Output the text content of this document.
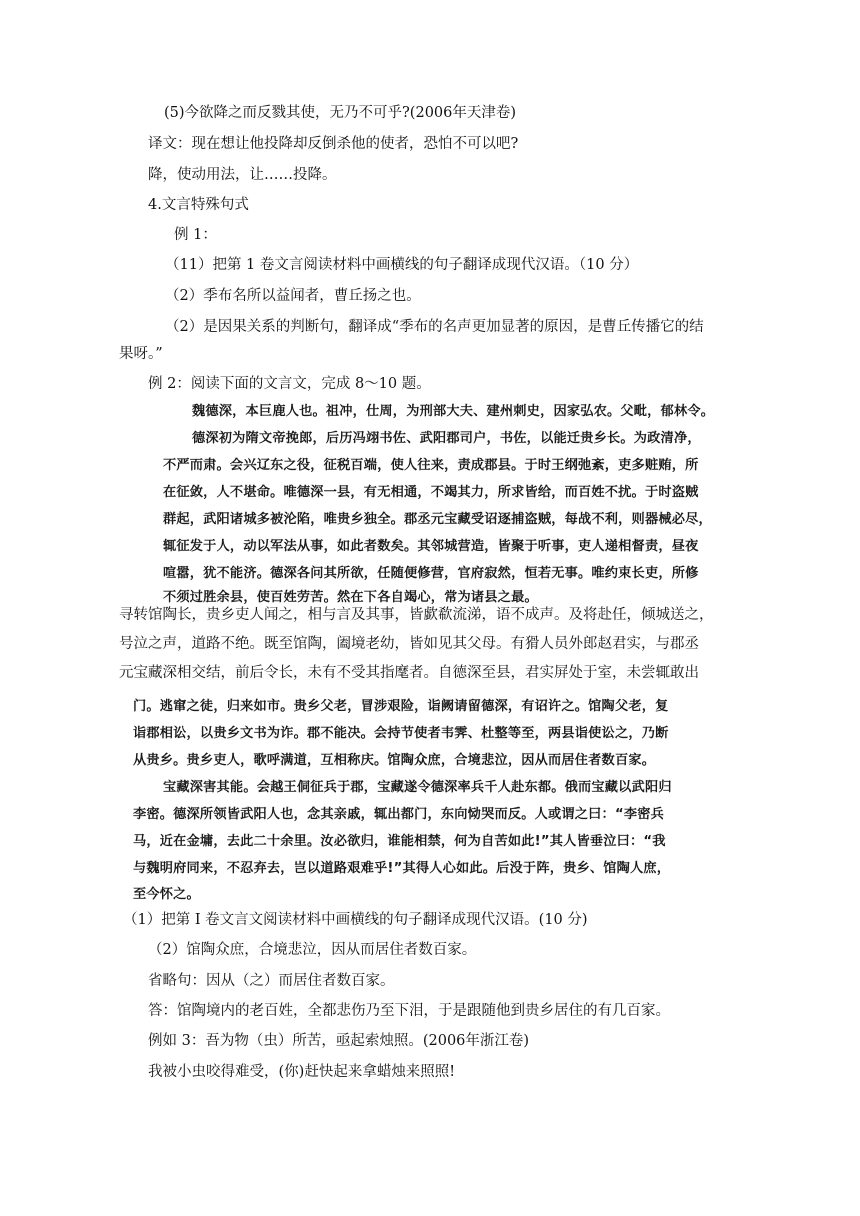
(5)今欲降之而反戮其使，无乃不可乎?(2006年天津卷)
译文：现在想让他投降却反倒杀他的使者，恐怕不可以吧?
降，使动用法，让……投降。
4.文言特殊句式
例 1：
（11）把第 1 卷文言阅读材料中画横线的句子翻译成现代汉语。（10 分）
（2）季布名所以益闻者，曹丘扬之也。
（2）是因果关系的判断句，翻译成“季布的名声更加显著的原因，是曹丘传播它的结
果呀。”
例 2：阅读下面的文言文，完成 8～10 题。
魏德深，本巨鹿人也。祖冲，仕周，为刑部大夫、建州刺史，因家弘农。父毗，郁林令。
德深初为隋文帝挽郎，后历冯翊书佐、武阳郡司户，书佐，以能迁贵乡长。为政清净，
不严而肃。会兴辽东之役，征税百端，使人往来，责成郡县。于时王纲弛紊，吏多赃贿，所
在征敛，人不堪命。唯德深一县，有无相通，不竭其力，所求皆给，而百姓不扰。于时盗贼
群起，武阳诸城多被沦陷，唯贵乡独全。郡丞元宝藏受诏逐捕盗贼，每战不利，则器械必尽，
辄征发于人，动以军法从事，如此者数矣。其邻城营造，皆聚于听事，吏人递相督责，昼夜
喧嚣，犹不能济。德深各问其所欲，任随便修营，官府寂然，恒若无事。唯约束长吏，所修
不须过胜余县，使百姓劳苦。然在下各自竭心，常为诸县之最。
寻转馆陶长，贵乡吏人闻之，相与言及其事，皆歔欷流涕，语不成声。及将赴任，倾城送之，
号泣之声，道路不绝。既至馆陶，阖境老幼，皆如见其父母。有猾人员外郎赵君实，与郡丞
元宝藏深相交结，前后令长，未有不受其指麾者。自德深至县，君实屏处于室，未尝辄敢出
门。逃窜之徒，归来如市。贵乡父老，冒涉艰险，诣阙请留德深，有诏许之。馆陶父老，复
诣郡相讼，以贵乡文书为诈。郡不能决。会持节使者韦霁、杜整等至，两县诣使讼之，乃断
从贵乡。贵乡吏人，歌呼满道，互相称庆。馆陶众庶，合境悲泣，因从而居住者数百家。
宝藏深害其能。会越王侗征兵于郡，宝藏遂令德深率兵千人赴东都。俄而宝藏以武阳归
李密。德深所领皆武阳人也，念其亲戚，辄出都门，东向恸哭而反。人或谓之曰：“李密兵
马，近在金墉，去此二十余里。汝必欲归，谁能相禁，何为自苦如此!”其人皆垂泣曰：“我
与魏明府同来，不忍弃去，岂以道路艰难乎!”其得人心如此。后没于阵，贵乡、馆陶人庶，
至今怀之。
（1）把第 I 卷文言文阅读材料中画横线的句子翻译成现代汉语。(10 分)
（2）馆陶众庶，合境悲泣，因从而居住者数百家。
省略句：因从（之）而居住者数百家。
答：馆陶境内的老百姓，全都悲伤乃至下泪，于是跟随他到贵乡居住的有几百家。
例如 3：吾为物（虫）所苦，亟起索烛照。(2006年浙江卷)
我被小虫咬得难受，(你)赶快起来拿蜡烛来照照!
